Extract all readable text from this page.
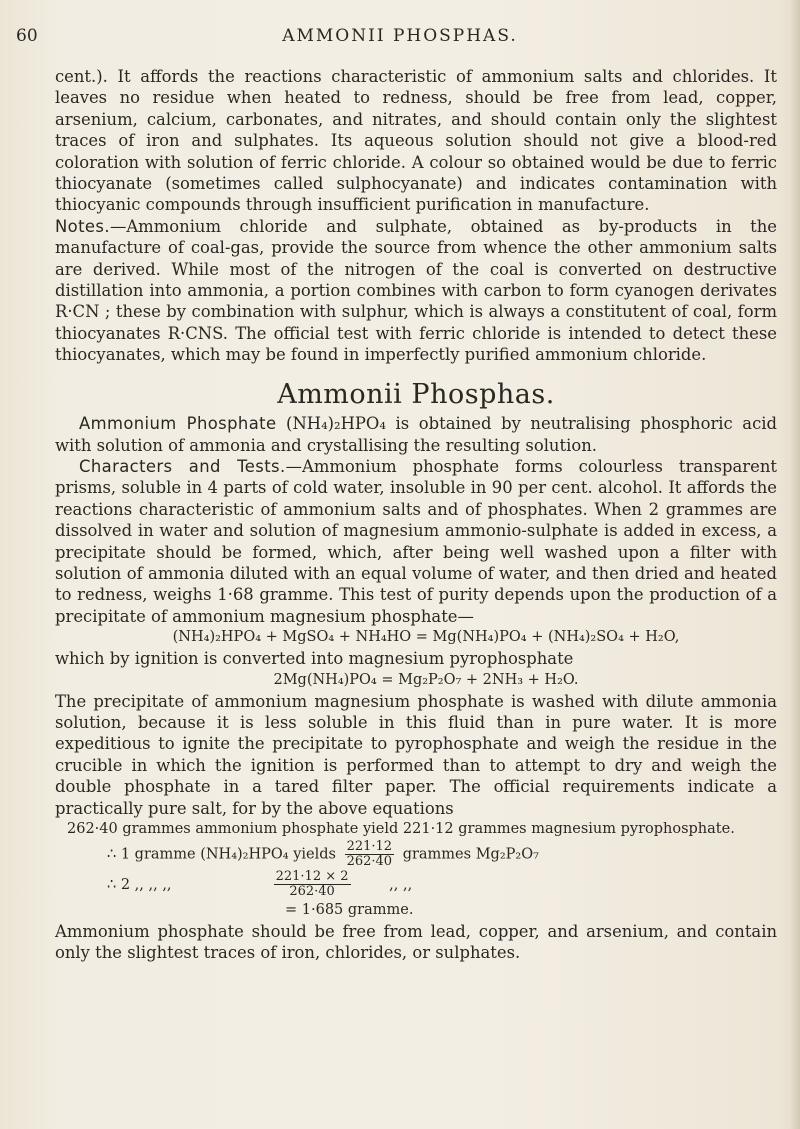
60	AMMONII PHOSPHAS.

cent.). It affords the reactions characteristic of ammonium salts and chlorides. It leaves no residue when heated to redness, should be free from lead, copper, arsenium, calcium, carbonates, and nitrates, and should contain only the slightest traces of iron and sulphates. Its aqueous solution should not give a blood-red coloration with solution of ferric chloride. A colour so obtained would be due to ferric thiocyanate (sometimes called sulphocyanate) and indicates contamination with thiocyanic compounds through insufficient purification in manufacture.

Notes.—Ammonium chloride and sulphate, obtained as by-products in the manufacture of coal-gas, provide the source from whence the other ammonium salts are derived. While most of the nitrogen of the coal is converted on destructive distillation into ammonia, a portion combines with carbon to form cyanogen derivates R·CN ; these by combination with sulphur, which is always a constitutent of coal, form thiocyanates R·CNS. The official test with ferric chloride is intended to detect these thiocyanates, which may be found in imperfectly purified ammonium chloride.

Ammonii Phosphas.

Ammonium Phosphate (NH₄)₂HPO₄ is obtained by neutralising phosphoric acid with solution of ammonia and crystallising the resulting solution.

Characters and Tests.—Ammonium phosphate forms colourless transparent prisms, soluble in 4 parts of cold water, insoluble in 90 per cent. alcohol. It affords the reactions characteristic of ammonium salts and of phosphates. When 2 grammes are dissolved in water and solution of magnesium ammonio-sulphate is added in excess, a precipitate should be formed, which, after being well washed upon a filter with solution of ammonia diluted with an equal volume of water, and then dried and heated to redness, weighs 1·68 gramme. This test of purity depends upon the production of a precipitate of ammonium magnesium phosphate—

(NH₄)₂HPO₄ + MgSO₄ + NH₄HO = Mg(NH₄)PO₄ + (NH₄)₂SO₄ + H₂O,

which by ignition is converted into magnesium pyrophosphate

2Mg(NH₄)PO₄ = Mg₂P₂O₇ + 2NH₃ + H₂O.

The precipitate of ammonium magnesium phosphate is washed with dilute ammonia solution, because it is less soluble in this fluid than in pure water. It is more expeditious to ignite the precipitate to pyrophosphate and weigh the residue in the crucible in which the ignition is performed than to attempt to dry and weigh the double phosphate in a tared filter paper. The official requirements indicate a practically pure salt, for by the above equations

262·40 grammes ammonium phosphate yield 221·12 grammes magnesium pyrophosphate.
∴ 1 gramme (NH₄)₂HPO₄ yields $\frac{221\cdot 12}{262\cdot 40}$ grammes Mg₂P₂O₇
∴ 2 ,, ,, ,,	$\frac{221\cdot 12 \times 2}{262\cdot 40}$	,, ,,
= 1·685 gramme.

Ammonium phosphate should be free from lead, copper, and arsenium, and contain only the slightest traces of iron, chlorides, or sulphates.
